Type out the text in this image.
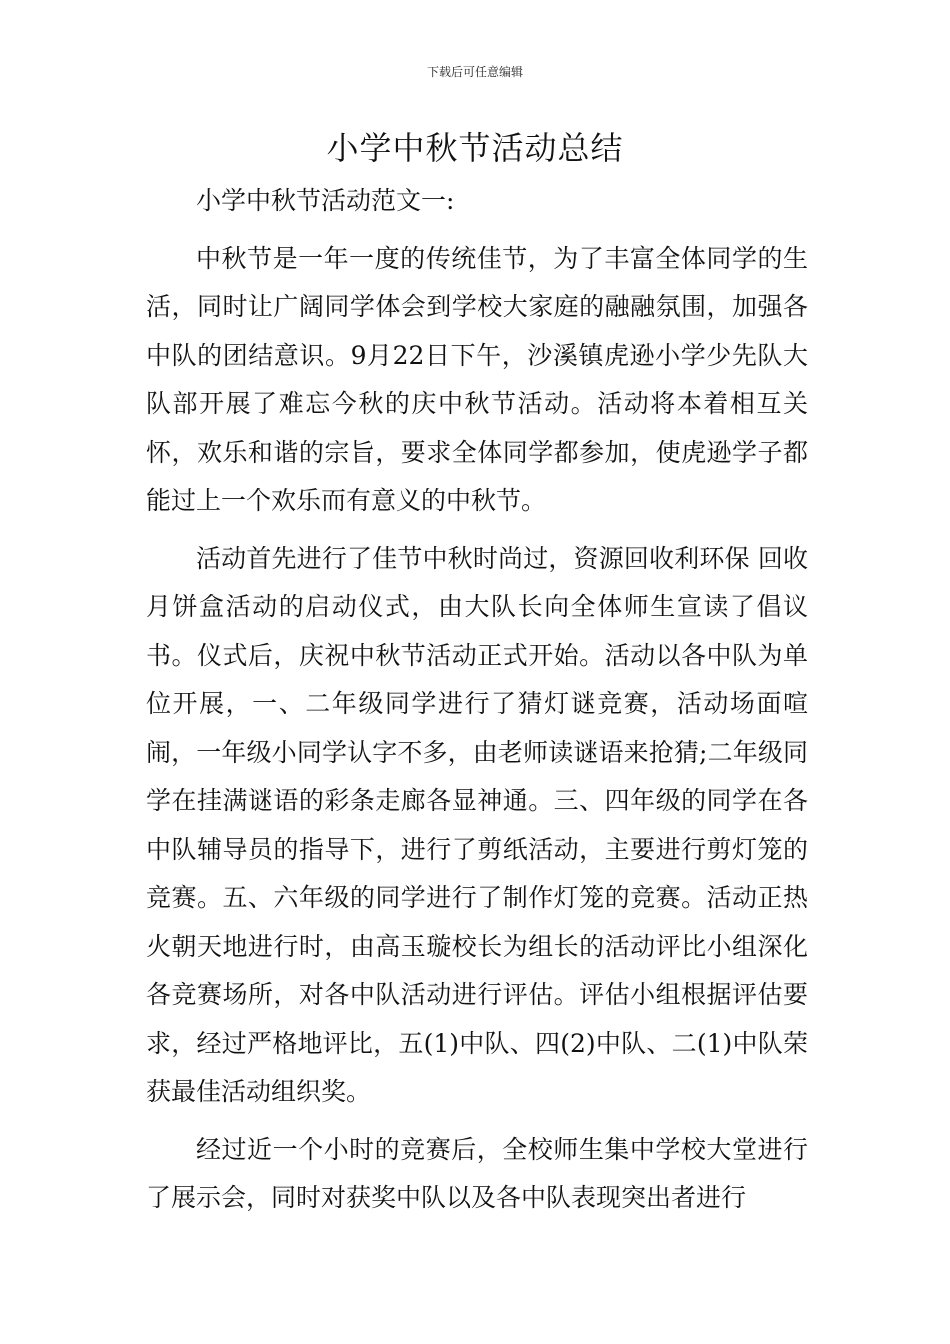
下载后可任意编辑
小学中秋节活动总结

小学中秋节活动范文一:

中秋节是一年一度的传统佳节，为了丰富全体同学的生活，同时让广阔同学体会到学校大家庭的融融氛围，加强各中队的团结意识。9月22日下午，沙溪镇虎逊小学少先队大队部开展了难忘今秋的庆中秋节活动。活动将本着相互关怀，欢乐和谐的宗旨，要求全体同学都参加，使虎逊学子都能过上一个欢乐而有意义的中秋节。

活动首先进行了佳节中秋时尚过，资源回收利环保 回收月饼盒活动的启动仪式，由大队长向全体师生宣读了倡议书。仪式后，庆祝中秋节活动正式开始。活动以各中队为单位开展，一、二年级同学进行了猜灯谜竞赛，活动场面喧闹，一年级小同学认字不多，由老师读谜语来抢猜;二年级同学在挂满谜语的彩条走廊各显神通。三、四年级的同学在各中队辅导员的指导下，进行了剪纸活动，主要进行剪灯笼的竞赛。五、六年级的同学进行了制作灯笼的竞赛。活动正热火朝天地进行时，由高玉璇校长为组长的活动评比小组深化各竞赛场所，对各中队活动进行评估。评估小组根据评估要求，经过严格地评比，五(1)中队、四(2)中队、二(1)中队荣获最佳活动组织奖。

经过近一个小时的竞赛后，全校师生集中学校大堂进行了展示会，同时对获奖中队以及各中队表现突出者进行
